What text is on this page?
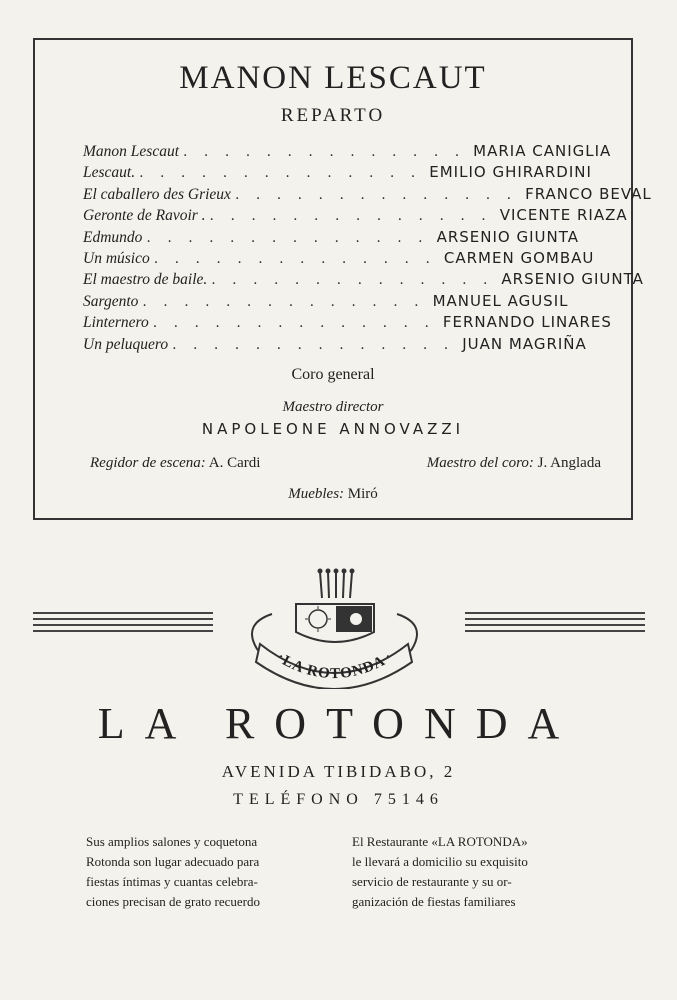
MANON LESCAUT
REPARTO
Manon Lescaut . . . . . . . . . . . . . . MARIA CANIGLIA
Lescaut. . . . . . . . . . . . . . . EMILIO GHIRARDINI
El caballero des Grieux . . . . . . . . . . . . . . FRANCO BEVAL
Geronte de Ravoir . . . . . . . . . . . . . . . VICENTE RIAZA
Edmundo . . . . . . . . . . . . . . ARSENIO GIUNTA
Un músico . . . . . . . . . . . . . . CARMEN GOMBAU
El maestro de baile. . . . . . . . . . . . . . . ARSENIO GIUNTA
Sargento . . . . . . . . . . . . . . MANUEL AGUSIL
Linternero . . . . . . . . . . . . . . FERNANDO LINARES
Un peluquero . . . . . . . . . . . . . . JUAN MAGRIÑA
Coro general
Maestro director
NAPOLEONE ANNOVAZZI
Regidor de escena: A. Cardi	Maestro del coro: J. Anglada
Muebles: Miró
LA ROTONDA
LA ROTONDA
AVENIDA TIBIDABO, 2
TELÉFONO 75146
Sus amplios salones y coquetona
Rotonda son lugar adecuado para
fiestas íntimas y cuantas celebra-
ciones precisan de grato recuerdo
El Restaurante «LA ROTONDA»
le llevará a domicilio su exquisito
servicio de restaurante y su or-
ganización de fiestas familiares
